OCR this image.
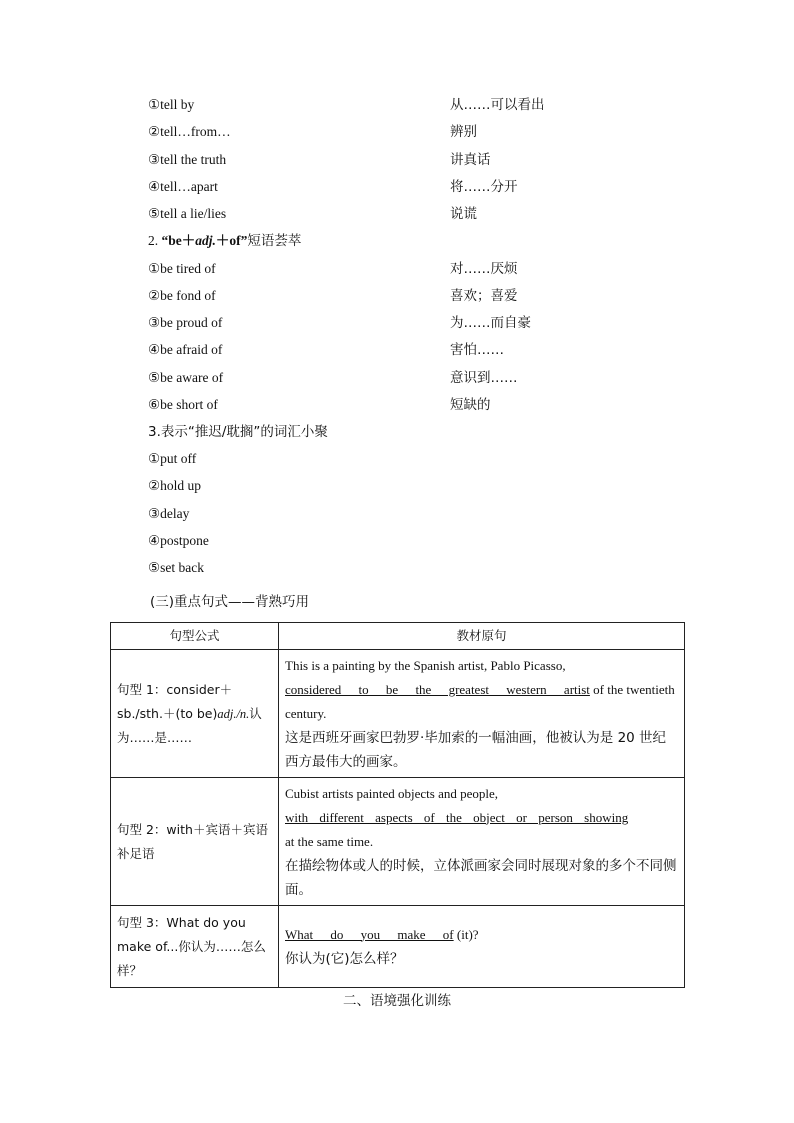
①tell by	从……可以看出
②tell…from…	辨别
③tell the truth	讲真话
④tell…apart	将……分开
⑤tell a lie/lies	说谎
2. “be＋adj.＋of”短语荟萃
①be tired of	对……厌烦
②be fond of	喜欢；喜爱
③be proud of	为……而自豪
④be afraid of	害怕……
⑤be aware of	意识到……
⑥be short of	短缺的
3.表示“推迟/耽搁”的词汇小聚
①put off
②hold up
③delay
④postpone
⑤set back
(三)重点句式——背熟巧用
句型公式	教材原句
句型 1：consider＋sb./sth.＋(to be)adj./n.认为……是……	This is a painting by the Spanish artist, Pablo Picasso,
considered to be the greatest western artist of the twentieth century.
这是西班牙画家巴勃罗·毕加索的一幅油画，他被认为是 20 世纪西方最伟大的画家。
句型 2：with＋宾语＋宾语补足语	Cubist artists painted objects and people,
with different aspects of the object or person showing
at the same time.
在描绘物体或人的时候，立体派画家会同时展现对象的多个不同侧面。
句型 3：What do you make of...你认为……怎么样？	What do you make of (it)?
你认为(它)怎么样？
二、语境强化训练
